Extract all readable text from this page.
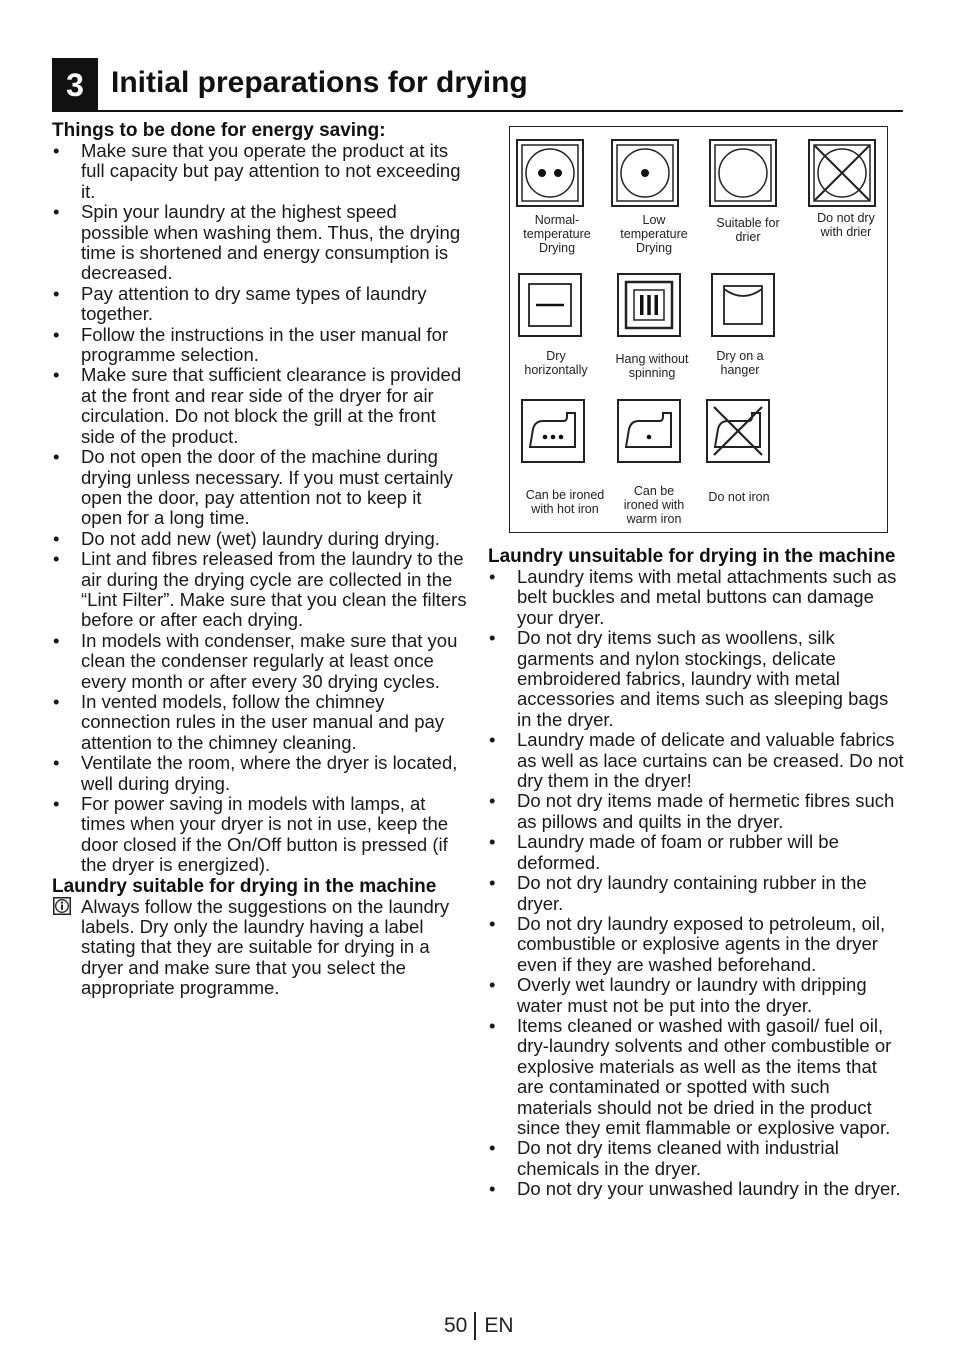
3 Initial preparations for drying
Things to be done for energy saving:
• Make sure that you operate the product at its full capacity but pay attention to not exceeding it.
• Spin your laundry at the highest speed possible when washing them. Thus, the drying time is shortened and energy consumption is decreased.
• Pay attention to dry same types of laundry together.
• Follow the instructions in the user manual for programme selection.
• Make sure that sufficient clearance is provided at the front and rear side of the dryer for air circulation. Do not block the grill at the front side of the product.
• Do not open the door of the machine during drying unless necessary. If you must certainly open the door, pay attention not to keep it open for a long time.
• Do not add new (wet) laundry during drying.
• Lint and fibres released from the laundry to the air during the drying cycle are collected in the “Lint Filter”. Make sure that you clean the filters before or after each drying.
• In models with condenser, make sure that you clean the condenser regularly at least once every month or after every 30 drying cycles.
• In vented models, follow the chimney connection rules in the user manual and pay attention to the chimney cleaning.
• Ventilate the room, where the dryer is located, well during drying.
• For power saving in models with lamps, at times when your dryer is not in use, keep the door closed if the On/Off button is pressed (if the dryer is energized).
Laundry suitable for drying in the machine
Always follow the suggestions on the laundry labels. Dry only the laundry having a label stating that they are suitable for drying in a dryer and make sure that you select the appropriate programme.
Normal-
temperature
Drying
Low
temperature
Drying
Suitable for
drier
Do not dry
with drier
Dry
horizontally
Hang without
spinning
Dry on a
hanger
Can be ironed
with hot iron
Can be
ironed with
warm iron
Do not iron
Laundry unsuitable for drying in the machine
• Laundry items with metal attachments such as belt buckles and metal buttons can damage your dryer.
• Do not dry items such as woollens, silk garments and nylon stockings, delicate embroidered fabrics, laundry with metal accessories and items such as sleeping bags in the dryer.
• Laundry made of delicate and valuable fabrics as well as lace curtains can be creased. Do not dry them in the dryer!
• Do not dry items made of hermetic fibres such as pillows and quilts in the dryer.
• Laundry made of foam or rubber will be deformed.
• Do not dry laundry containing rubber in the dryer.
• Do not dry laundry exposed to petroleum, oil, combustible or explosive agents in the dryer even if they are washed beforehand.
• Overly wet laundry or laundry with dripping water must not be put into the dryer.
• Items cleaned or washed with gasoil/ fuel oil, dry-laundry solvents and other combustible or explosive materials as well as the items that are contaminated or spotted with such materials should not be dried in the product since they emit flammable or explosive vapor.
• Do not dry items cleaned with industrial chemicals in the dryer.
• Do not dry your unwashed laundry in the dryer.
50 EN
